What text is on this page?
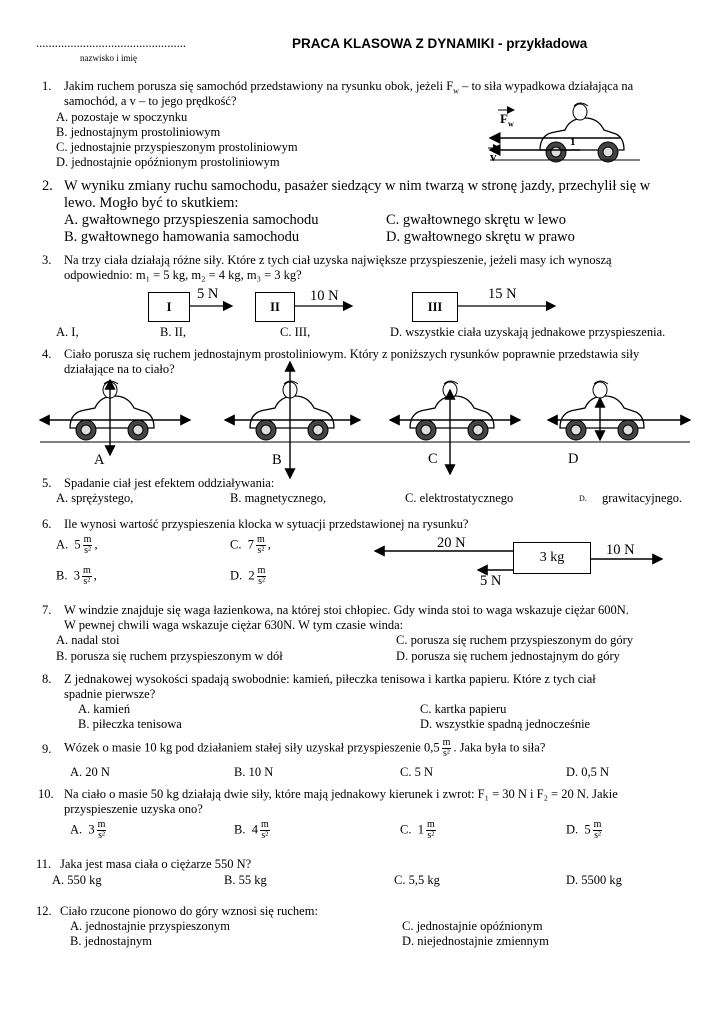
................................................
nazwisko i imię
PRACA KLASOWA Z DYNAMIKI - przykładowa
1. Jakim ruchem porusza się samochód przedstawiony na rysunku obok, jeżeli $F_w$ – to siła wypadkowa działająca na
samochód, a v – to jego prędkość?
A. pozostaje w spoczynku
B. jednostajnym prostoliniowym
C. jednostajnie przyspieszonym prostoliniowym
D. jednostajnie opóźnionym prostoliniowym
$F_w$
v
1
2. W wyniku zmiany ruchu samochodu, pasażer siedzący w nim twarzą w stronę jazdy, przechylił się w
lewo. Mogło być to skutkiem:
A. gwałtownego przyspieszenia samochodu
B. gwałtownego hamowania samochodu
C. gwałtownego skrętu w lewo
D. gwałtownego skrętu w prawo
3. Na trzy ciała działają różne siły. Które z tych ciał uzyska największe przyspieszenie, jeżeli masy ich wynoszą
odpowiednio: m₁ = 5 kg, m₂ = 4 kg, m₃ = 3 kg?
I	II	III
5 N	10 N	15 N
A. I,	B. II,	C. III,	D. wszystkie ciała uzyskają jednakowe przyspieszenia.
4. Ciało porusza się ruchem jednostajnym prostoliniowym. Który z poniższych rysunków poprawnie przedstawia siły
działające na to ciało?
A	B	C	D
5. Spadanie ciał jest efektem oddziaływania:
A. sprężystego,	B. magnetycznego,	C. elektrostatycznego	D. grawitacyjnego.
6. Ile wynosi wartość przyspieszenia klocka w sytuacji przedstawionej na rysunku?
A. $5 \frac{m}{\text{s²}}$ ,	C. $7 \frac{m}{\text{s²}}$ ,
B. $3 \frac{m}{\text{s²}}$ ,	D. $2 \frac{m}{\text{s²}}$
3 kg
20 N	10 N
5 N
7. W windzie znajduje się waga łazienkowa, na której stoi chłopiec. Gdy winda stoi to waga wskazuje ciężar 600N.
W pewnej chwili waga wskazuje ciężar 630N. W tym czasie winda:
A. nadal stoi
B. porusza się ruchem przyspieszonym w dół
C. porusza się ruchem przyspieszonym do góry
D. porusza się ruchem jednostajnym do góry
8. Z jednakowej wysokości spadają swobodnie: kamień, piłeczka tenisowa i kartka papieru. Które z tych ciał
spadnie pierwsze?
A. kamień
B. piłeczka tenisowa
C. kartka papieru
D. wszystkie spadną jednocześnie
9. Wózek o masie 10 kg pod działaniem stałej siły uzyskał przyspieszenie $0,5 \frac{m}{\text{s²}}$ . Jaka była to siła?
A. 20 N	B. 10 N	C. 5 N	D. 0,5 N
10. Na ciało o masie 50 kg działają dwie siły, które mają jednakowy kierunek i zwrot: F₁ = 30 N i F₂ = 20 N. Jakie
przyspieszenie uzyska ono?
A. $3 \frac{m}{\text{s²}}$	B. $4 \frac{m}{\text{s²}}$	C. $1 \frac{m}{\text{s²}}$	D. $5 \frac{m}{\text{s²}}$
11. Jaka jest masa ciała o ciężarze 550 N?
A. 550 kg	B. 55 kg	C. 5,5 kg	D. 5500 kg
12. Ciało rzucone pionowo do góry wznosi się ruchem:
A. jednostajnie przyspieszonym
B. jednostajnym
C. jednostajnie opóźnionym
D. niejednostajnie zmiennym
